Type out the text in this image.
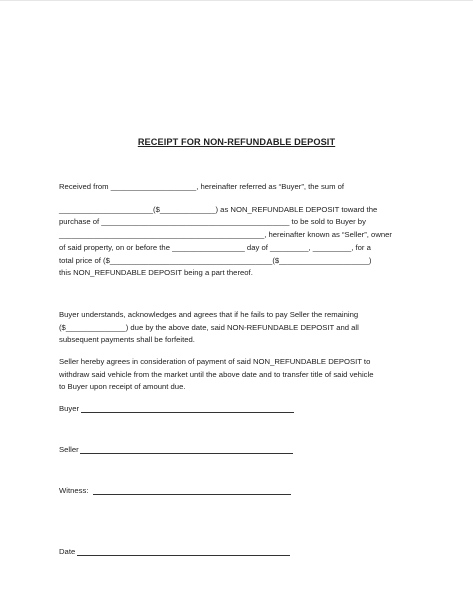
RECEIPT FOR NON-REFUNDABLE DEPOSIT
Received from ____________________, hereinafter referred as “Buyer”, the sum of
______________________($_____________) as NON_REFUNDABLE DEPOSIT toward the
purchase of ____________________________________________ to be sold to Buyer by
________________________________________________, hereinafter known as “Seller”, owner
of said property, on or before the _________________ day of _________, _________, for a
total price of ($______________________________________($_____________________)
this NON_REFUNDABLE DEPOSIT being a part thereof.
Buyer understands, acknowledges and agrees that if he fails to pay Seller the remaining
($______________) due by the above date, said NON-REFUNDABLE DEPOSIT and all
subsequent payments shall be forfeited.
Seller hereby agrees in consideration of payment of said NON_REFUNDABLE DEPOSIT to
withdraw said vehicle from the market until the above date and to transfer title of said vehicle
to Buyer upon receipt of amount due.
Buyer
Seller
Witness:
Date
